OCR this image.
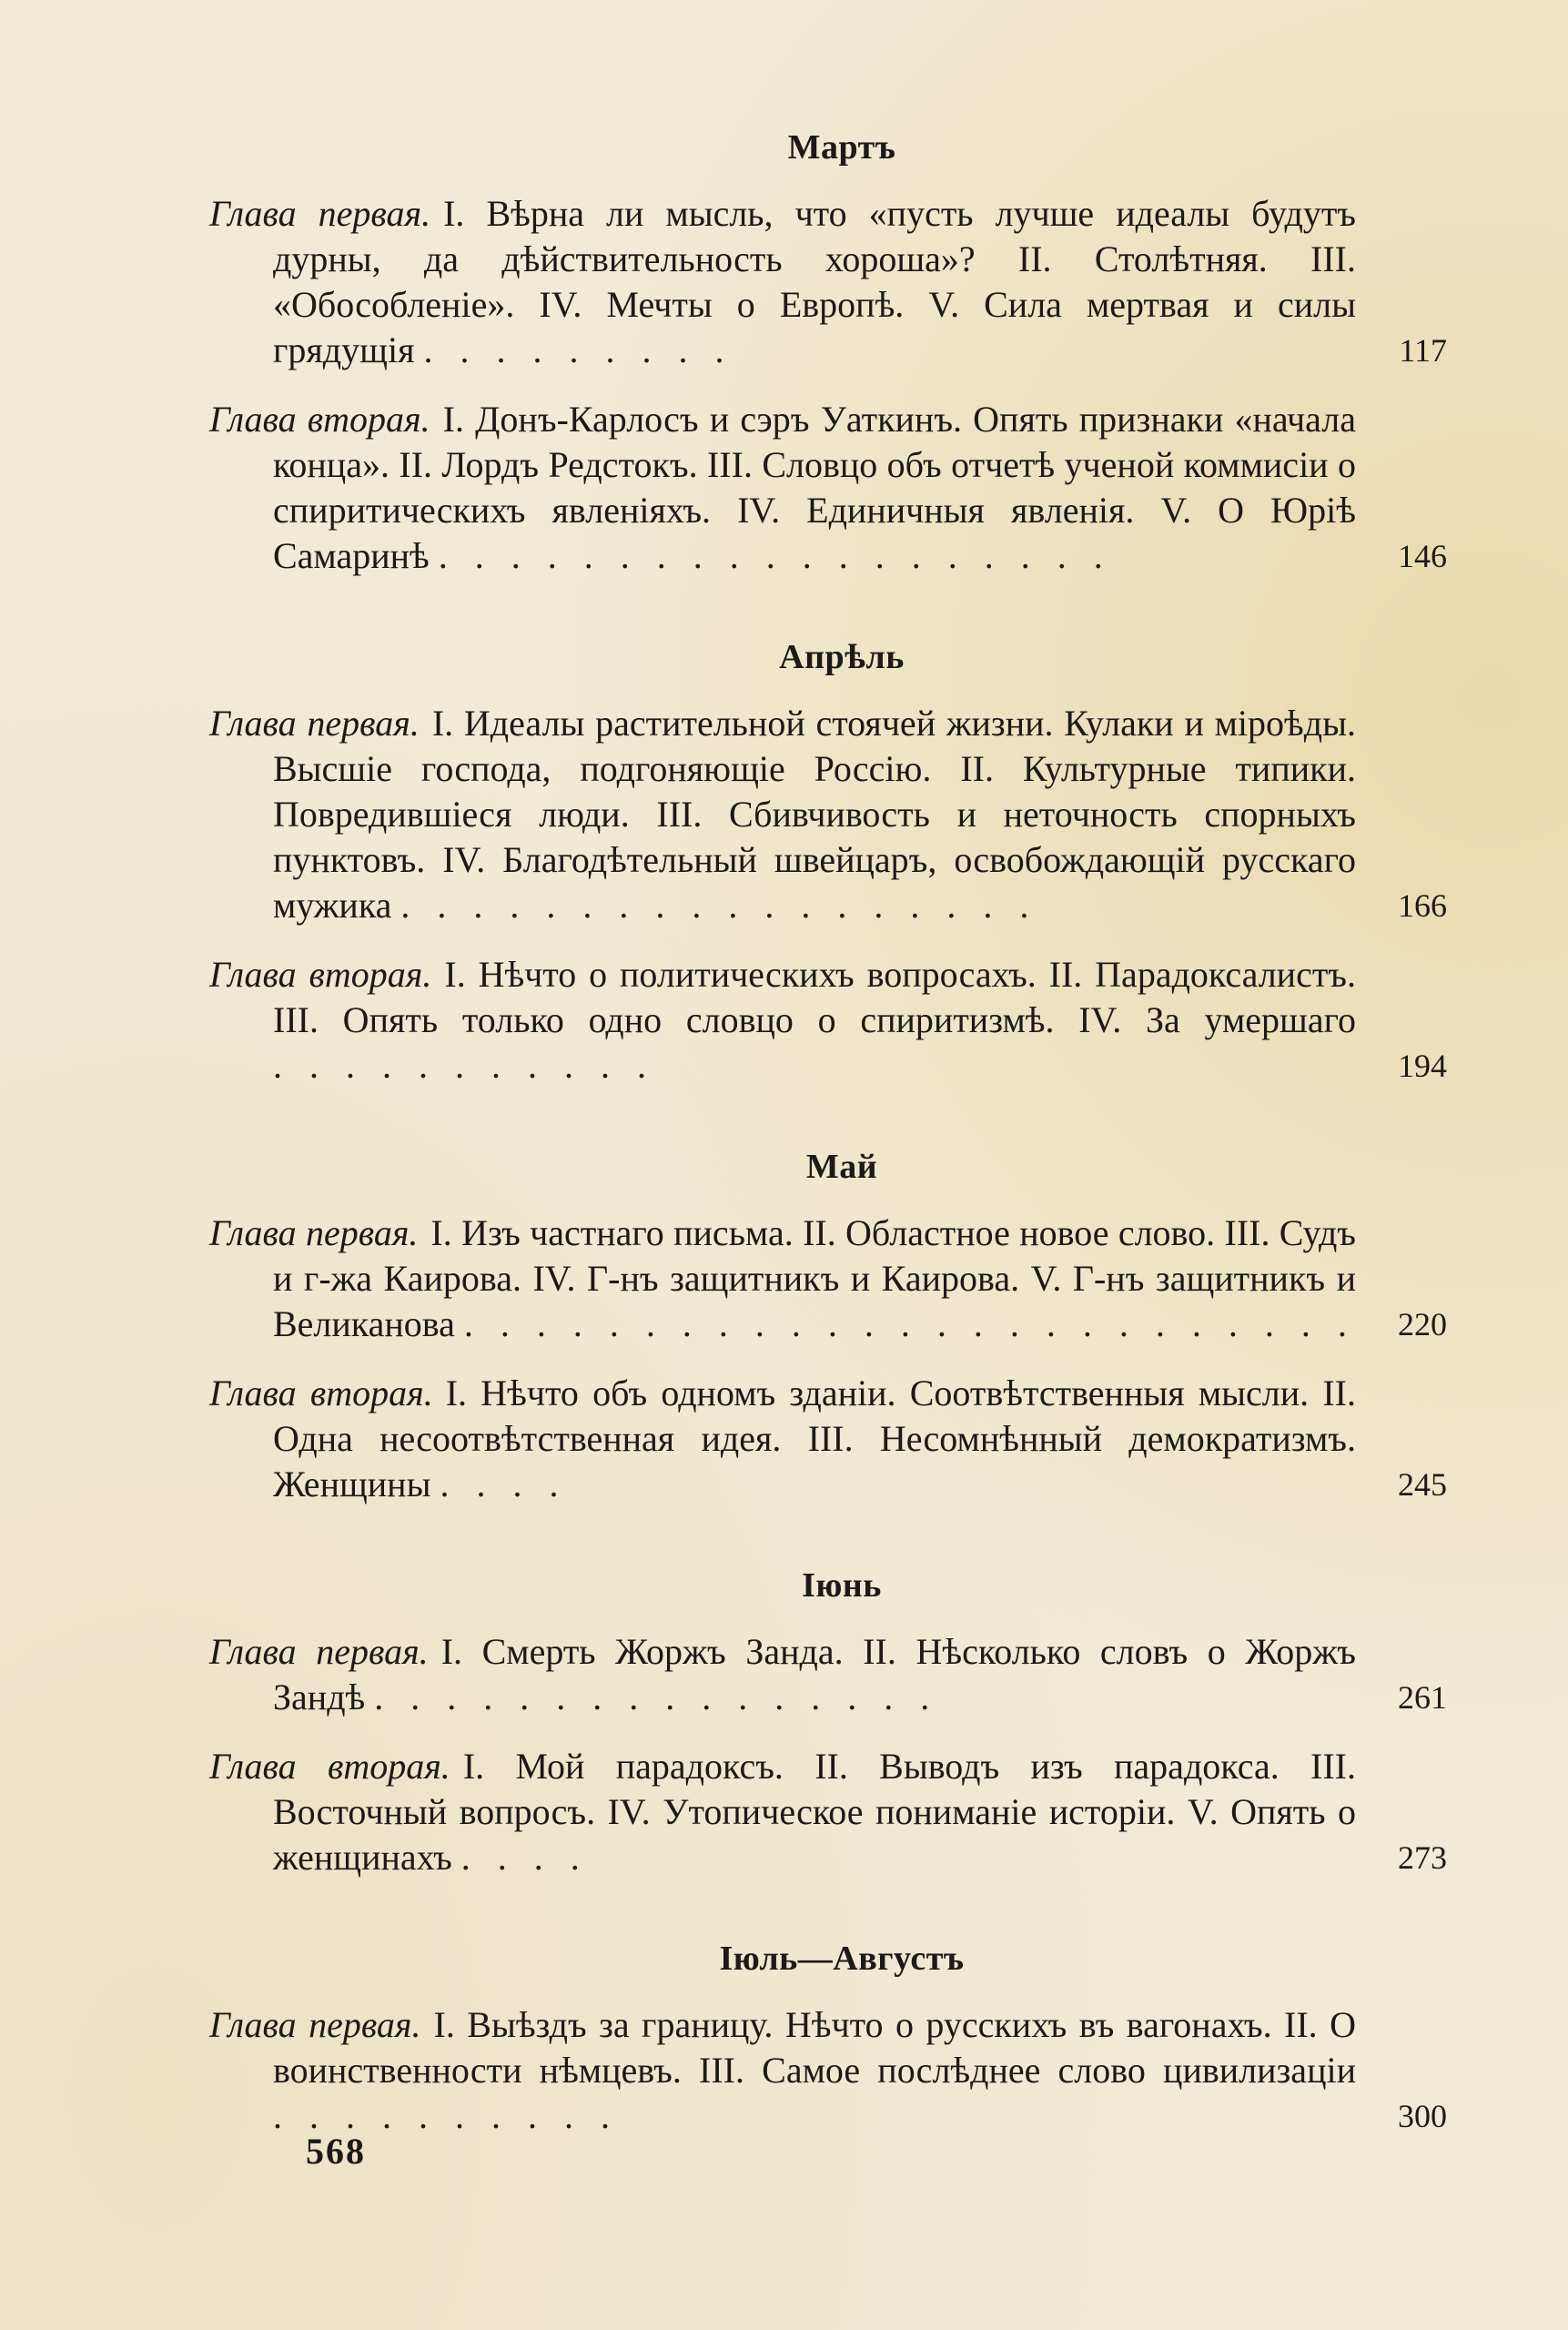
Мартъ
Глава первая. I. Вѣрна ли мысль, что «пусть лучше идеалы будутъ дурны, да дѣйствительность хороша»? II. Столѣтняя. III. «Обособленіе». IV. Мечты о Европѣ. V. Сила мертвая и силы грядущія . . . . . . . . .	117
Глава вторая. I. Донъ-Карлосъ и сэръ Уаткинъ. Опять признаки «начала конца». II. Лордъ Редстокъ. III. Словцо объ отчетѣ ученой коммисіи о спиритическихъ явленіяхъ. IV. Единичныя явленія. V. О Юріѣ Самаринѣ . . . . . . . . . . . . . . . . . . .	146
Апрѣль
Глава первая. I. Идеалы растительной стоячей жизни. Кулаки и міроѣды. Высшіе господа, подгоняющіе Россію. II. Культурные типики. Повредившіеся люди. III. Сбивчивость и неточность спорныхъ пунктовъ. IV. Благодѣтельный швейцаръ, освобождающій русскаго мужика . . . . . . . . . . . . . . . . . .	166
Глава вторая. I. Нѣчто о политическихъ вопросахъ. II. Парадоксалистъ. III. Опять только одно словцо о спиритизмѣ. IV. За умершаго . . . . . . . . . . .	194
Май
Глава первая. I. Изъ частнаго письма. II. Областное новое слово. III. Судъ и г-жа Каирова. IV. Г-нъ защитникъ и Каирова. V. Г-нъ защитникъ и Великанова . . . . . . . . . . . . . . . . . . . . . . . . . 220
Глава вторая. I. Нѣчто объ одномъ зданіи. Соотвѣтственныя мысли. II. Одна несоотвѣтственная идея. III. Несомнѣнный демократизмъ. Женщины . . . .	245
Іюнь
Глава первая. I. Смерть Жоржъ Занда. II. Нѣсколько словъ о Жоржъ Зандѣ . . . . . . . . . . . . . . . .	261
Глава вторая. I. Мой парадоксъ. II. Выводъ изъ парадокса. III. Восточный вопросъ. IV. Утопическое пониманіе исторіи. V. Опять о женщинахъ . . . .	273
Іюль—Августъ
Глава первая. I. Выѣздъ за границу. Нѣчто о русскихъ въ вагонахъ. II. О воинственности нѣмцевъ. III. Самое послѣднее слово цивилизаціи . . . . . . . . . .	300
568
